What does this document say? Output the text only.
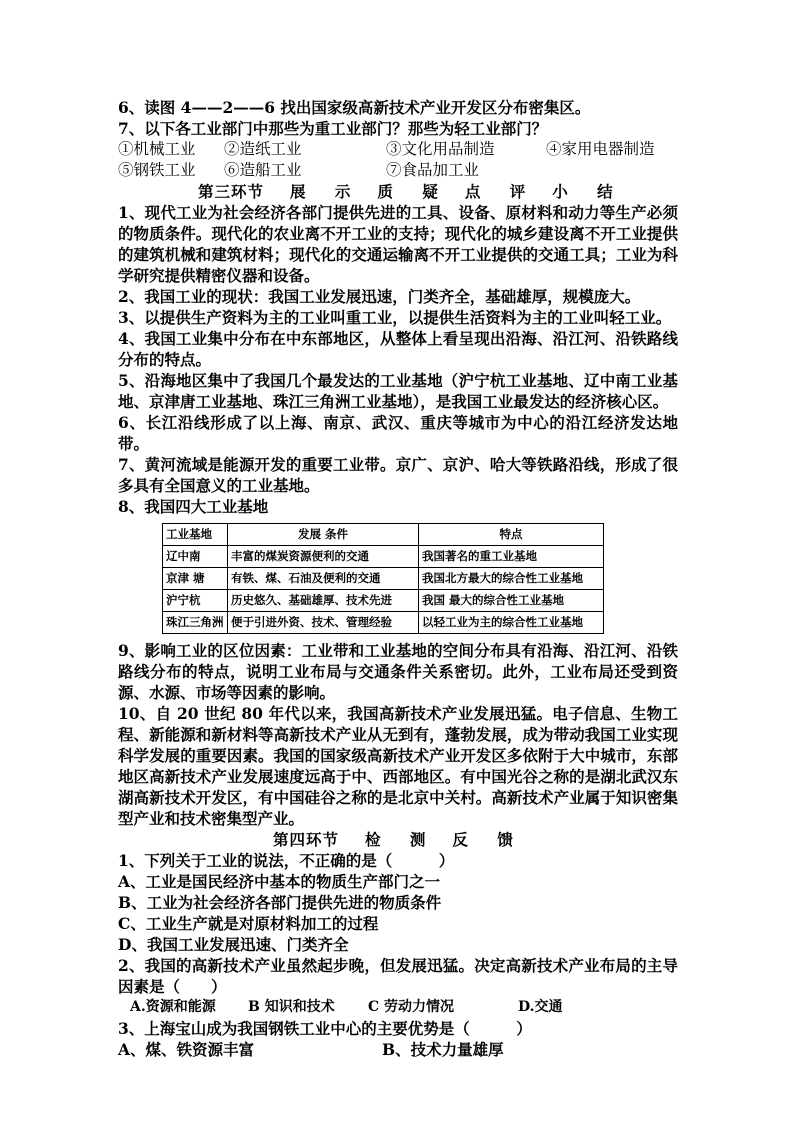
6、读图 4——2——6 找出国家级高新技术产业开发区分布密集区。
7、以下各工业部门中那些为重工业部门？那些为轻工业部门？
①机械工业	②造纸工业	③文化用品制造	④家用电器制造
⑤钢铁工业	⑥造船工业	⑦食品加工业
第三环节 展 示 质 疑 点 评 小 结
1、现代工业为社会经济各部门提供先进的工具、设备、原材料和动力等生产必须的物质条件。现代化的农业离不开工业的支持；现代化的城乡建设离不开工业提供的建筑机械和建筑材料；现代化的交通运输离不开工业提供的交通工具；工业为科学研究提供精密仪器和设备。
2、我国工业的现状：我国工业发展迅速，门类齐全，基础雄厚，规模庞大。
3、以提供生产资料为主的工业叫重工业，以提供生活资料为主的工业叫轻工业。
4、我国工业集中分布在中东部地区，从整体上看呈现出沿海、沿江河、沿铁路线分布的特点。
5、沿海地区集中了我国几个最发达的工业基地（沪宁杭工业基地、辽中南工业基地、京津唐工业基地、珠江三角洲工业基地），是我国工业最发达的经济核心区。
6、长江沿线形成了以上海、南京、武汉、重庆等城市为中心的沿江经济发达地带。
7、黄河流域是能源开发的重要工业带。京广、京沪、哈大等铁路沿线，形成了很多具有全国意义的工业基地。
8、我国四大工业基地
工业基地	发展 条件	特点
辽中南	丰富的煤炭资源便利的交通	我国著名的重工业基地
京津 塘	有铁、煤、石油及便利的交通	我国北方最大的综合性工业基地
沪宁杭	历史悠久、基础雄厚、技术先进	我国 最大的综合性工业基地
珠江三角洲	便于引进外资、技术、管理经验	以轻工业为主的综合性工业基地
9、影响工业的区位因素：工业带和工业基地的空间分布具有沿海、沿江河、沿铁路线分布的特点，说明工业布局与交通条件关系密切。此外，工业布局还受到资源、水源、市场等因素的影响。
10、自 20 世纪 80 年代以来，我国高新技术产业发展迅猛。电子信息、生物工程、新能源和新材料等高新技术产业从无到有，蓬勃发展，成为带动我国工业实现科学发展的重要因素。我国的国家级高新技术产业开发区多依附于大中城市，东部地区高新技术产业发展速度远高于中、西部地区。有中国光谷之称的是湖北武汉东湖高新技术开发区，有中国硅谷之称的是北京中关村。高新技术产业属于知识密集型产业和技术密集型产业。
第四环节 检 测 反 馈
1、下列关于工业的说法，不正确的是（　　　）
A、工业是国民经济中基本的物质生产部门之一
B、工业为社会经济各部门提供先进的物质条件
C、工业生产就是对原材料加工的过程
D、我国工业发展迅速、门类齐全
2、我国的高新技术产业虽然起步晚，但发展迅猛。决定高新技术产业布局的主导因素是（　　）
A.资源和能源	B 知识和技术	C 劳动力情况	D.交通
3、上海宝山成为我国钢铁工业中心的主要优势是（　　　）
A、煤、铁资源丰富	B、技术力量雄厚
